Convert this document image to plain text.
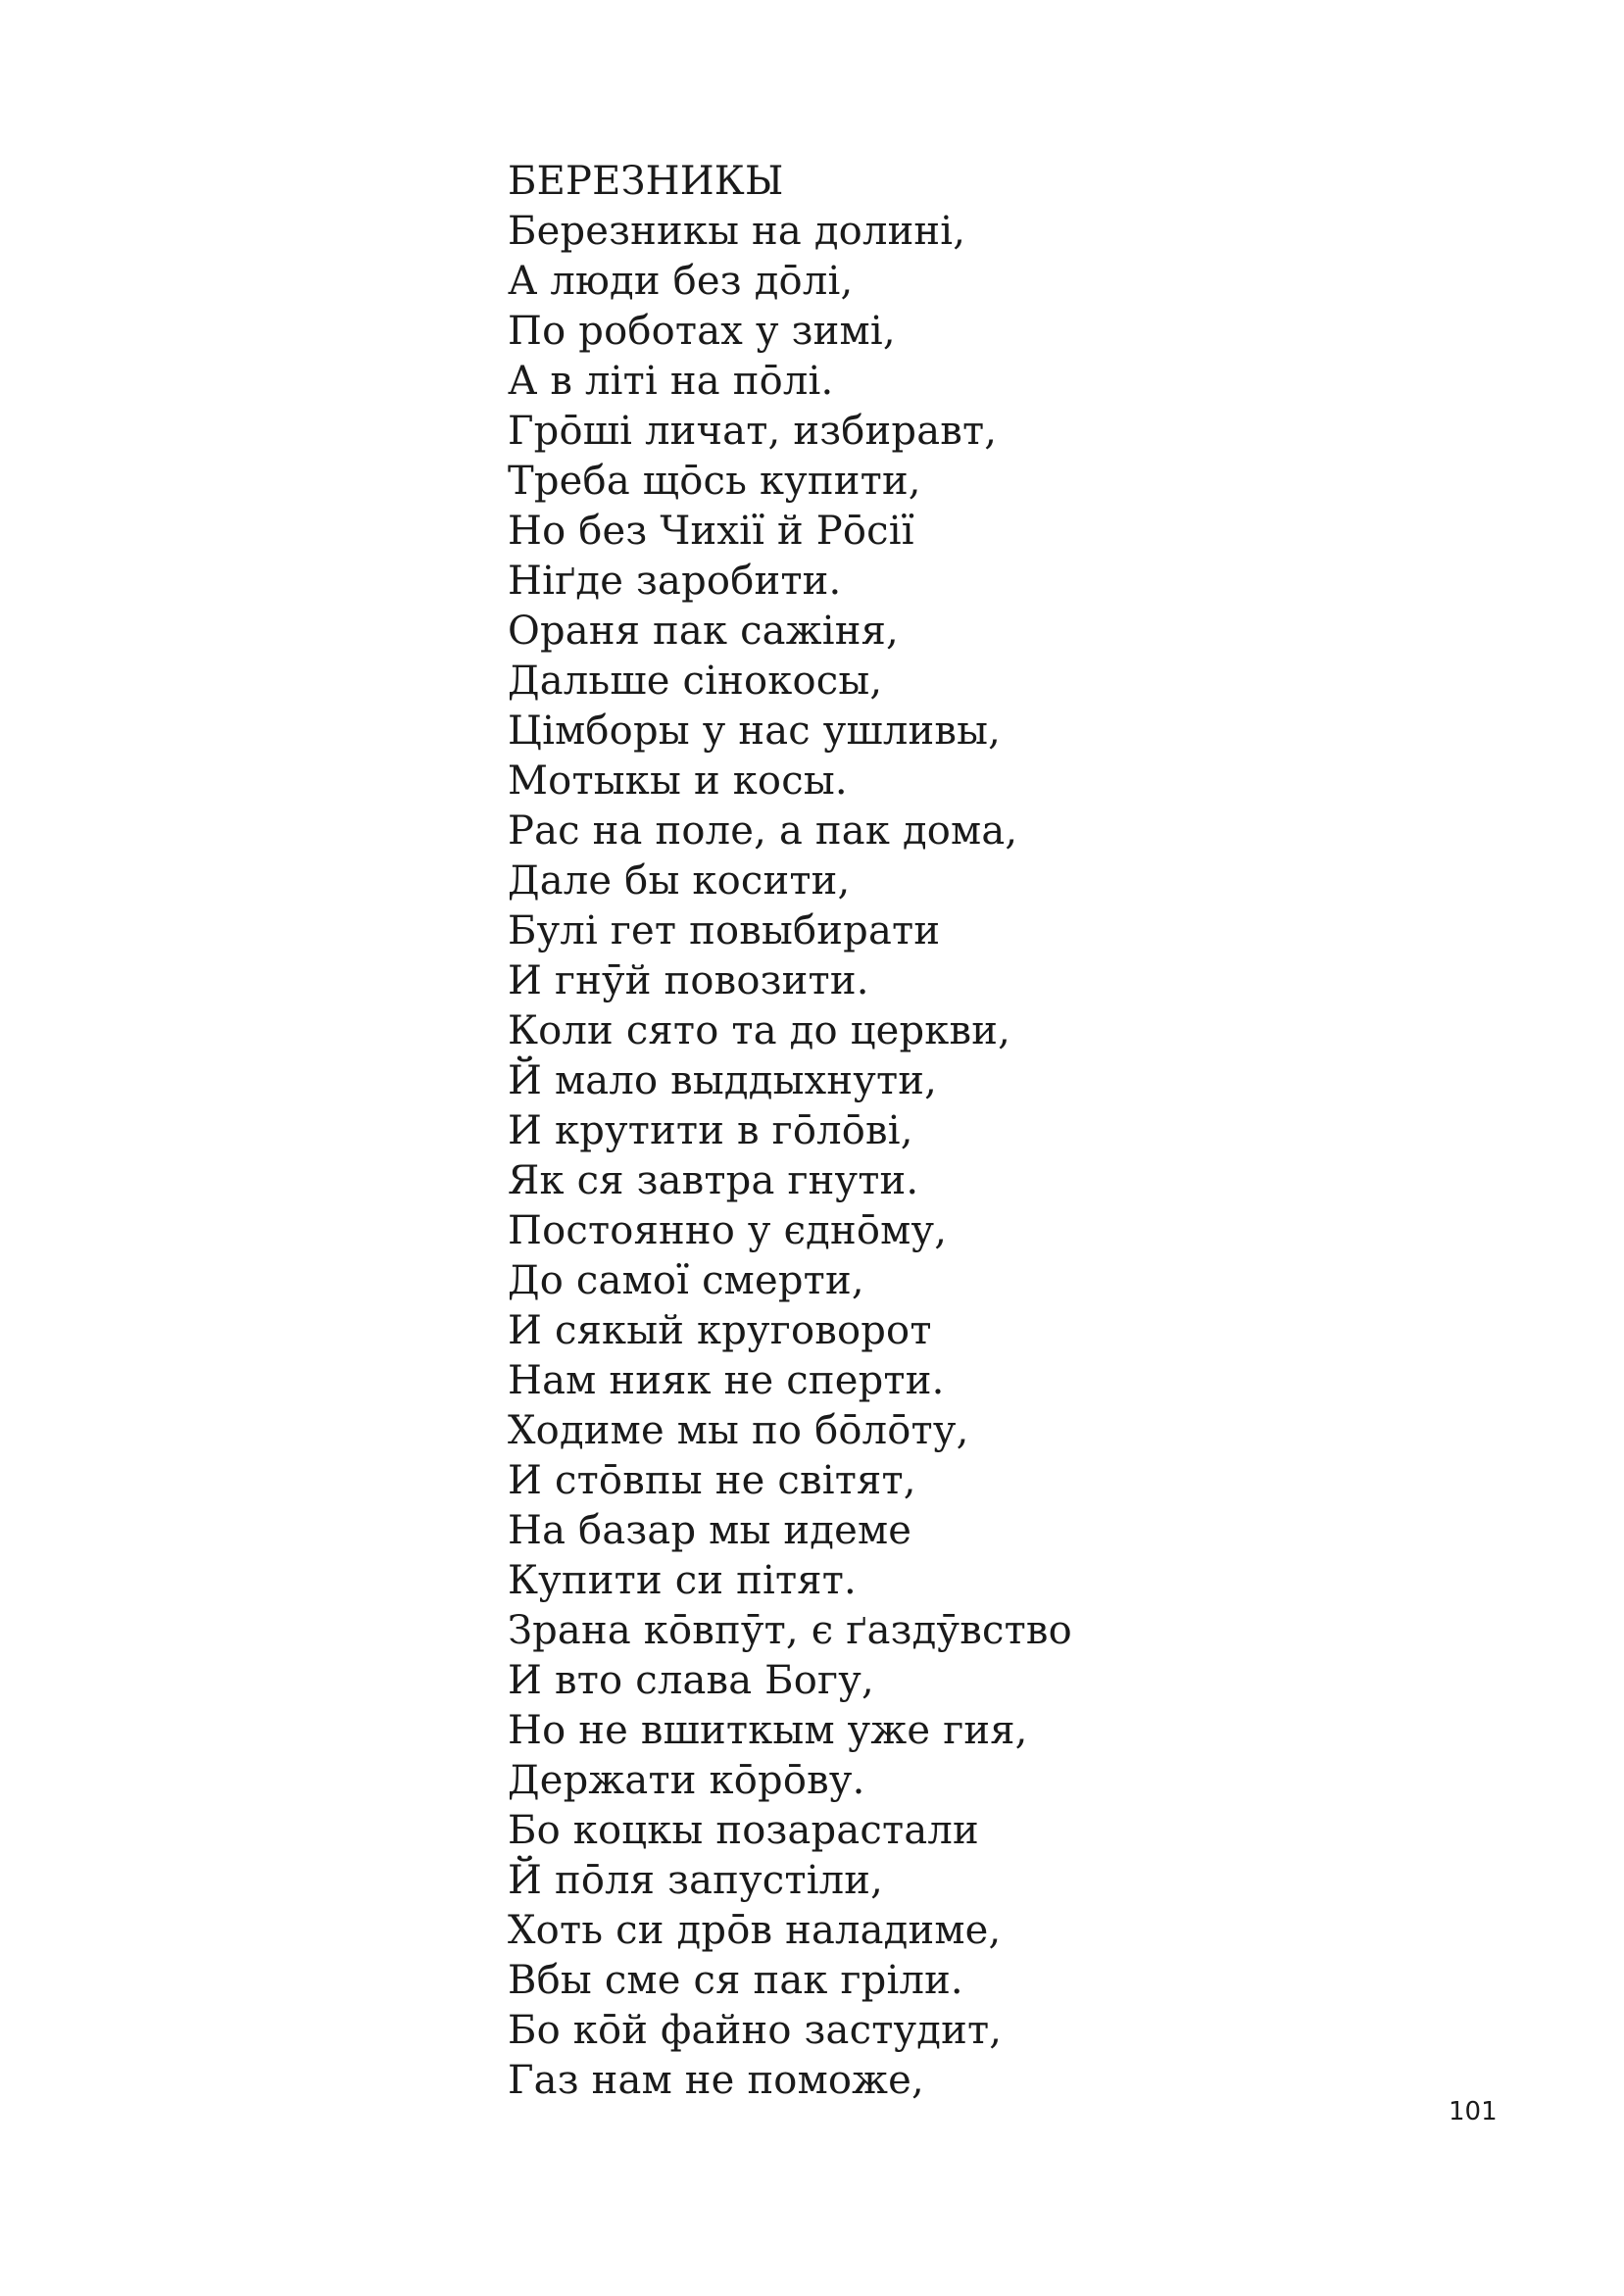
БЕРЕЗНИКЫ
Березникы на долині,
А люди без до̄лі,
По роботах у зимі,
А в літі на по̄лі.
Гро̄ші личат, избиравт,
Треба що̄сь купити,
Но без Чихії й Ро̄сії
Ніґде заробити.
Ораня пак сажіня,
Дальше сінокосы,
Цімборы у нас ушливы,
Мотыкы и косы.
Рас на поле, а пак дома,
Дале бы косити,
Булі гет повыбирати
И гнӯй повозити.
Коли сято та до церкви,
Й мало выддыхнути,
И крутити в го̄ло̄ві,
Як ся завтра гнути.
Постоянно у єдно̄му,
До самої смерти,
И сякый круговорот
Нам нияк не сперти.
Ходиме мы по бо̄ло̄ту,
И сто̄впы не світят,
На базар мы идеме
Купити си пітят.
Зрана ко̄впӯт, є ґаздӯвство
И вто слава Богу,
Но не вшиткым уже гия,
Держати ко̄ро̄ву.
Бо коцкы позарастали
Й по̄ля запустіли,
Хоть си дро̄в наладиме,
Вбы сме ся пак гріли.
Бо ко̄й файно застудит,
Газ нам не поможе,
101
